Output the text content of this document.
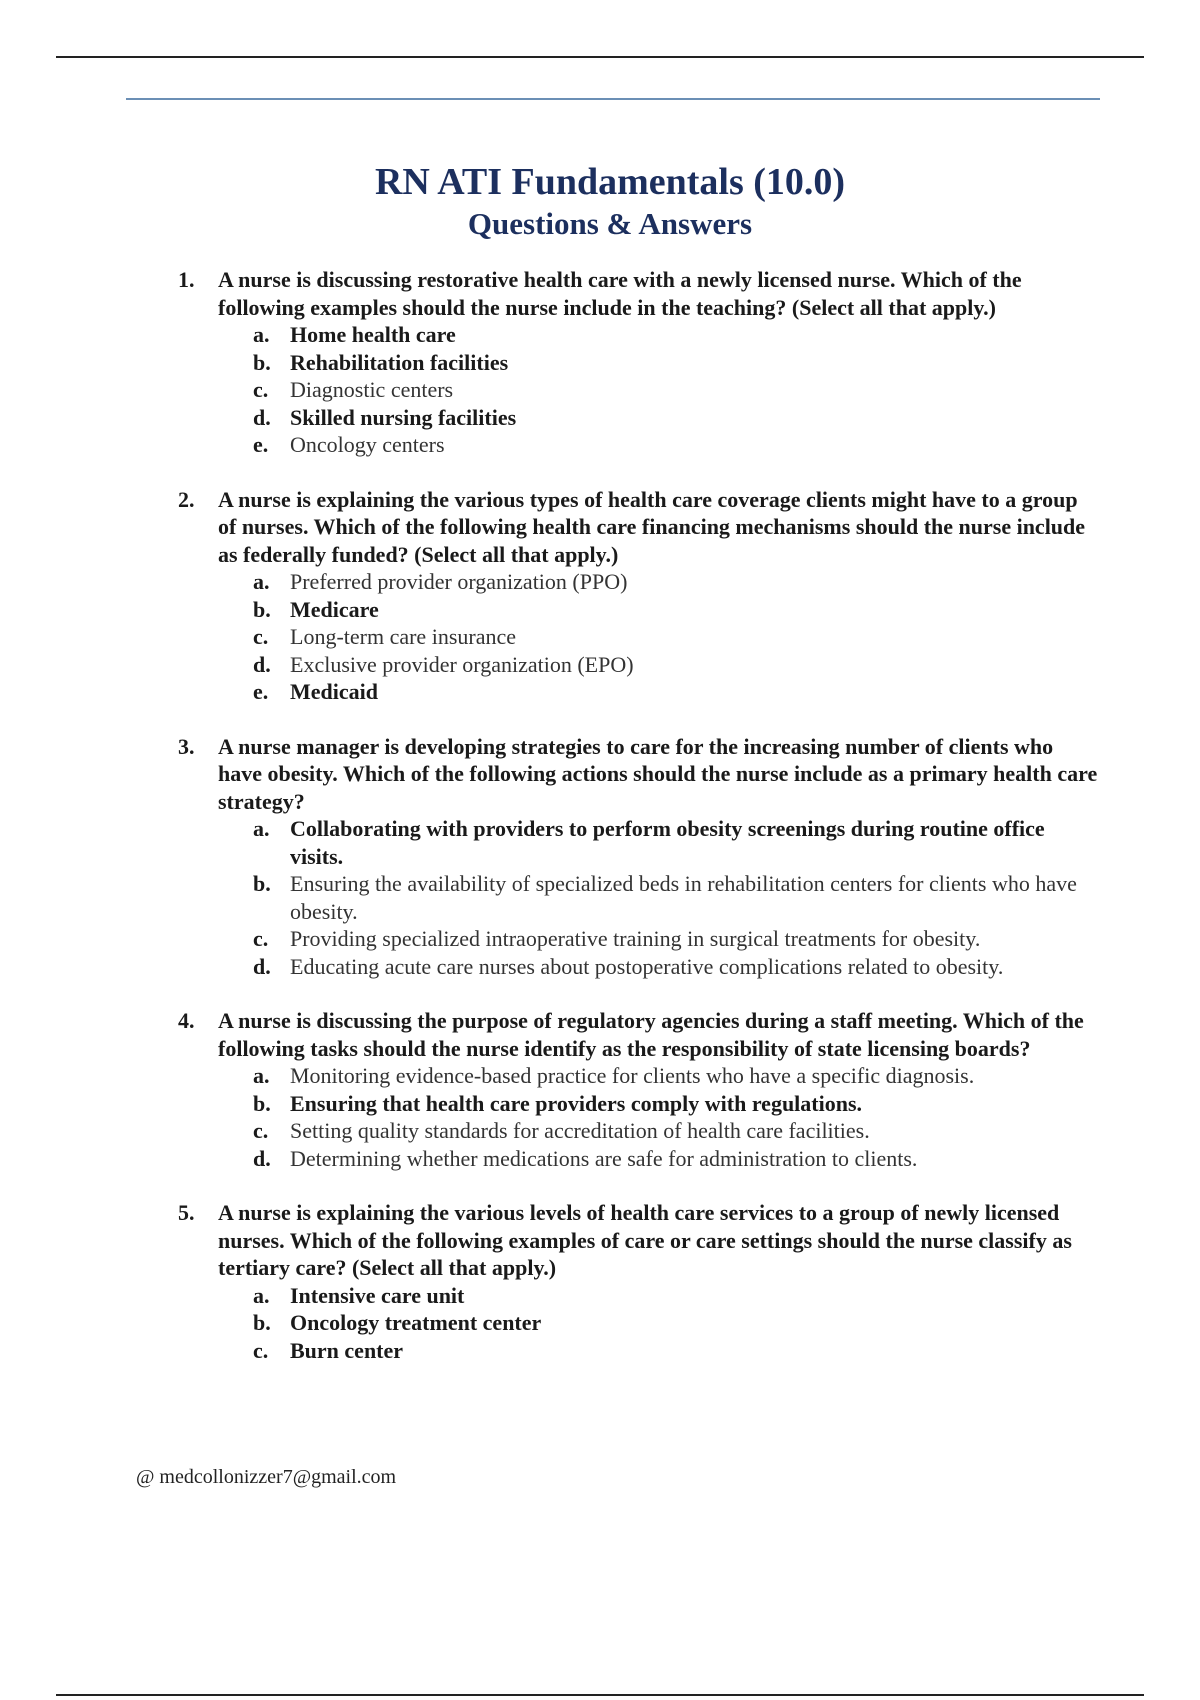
RN ATI Fundamentals (10.0)
Questions & Answers
1. A nurse is discussing restorative health care with a newly licensed nurse. Which of the following examples should the nurse include in the teaching? (Select all that apply.)
a. Home health care
b. Rehabilitation facilities
c. Diagnostic centers
d. Skilled nursing facilities
e. Oncology centers
2. A nurse is explaining the various types of health care coverage clients might have to a group of nurses. Which of the following health care financing mechanisms should the nurse include as federally funded? (Select all that apply.)
a. Preferred provider organization (PPO)
b. Medicare
c. Long-term care insurance
d. Exclusive provider organization (EPO)
e. Medicaid
3. A nurse manager is developing strategies to care for the increasing number of clients who have obesity. Which of the following actions should the nurse include as a primary health care strategy?
a. Collaborating with providers to perform obesity screenings during routine office visits.
b. Ensuring the availability of specialized beds in rehabilitation centers for clients who have obesity.
c. Providing specialized intraoperative training in surgical treatments for obesity.
d. Educating acute care nurses about postoperative complications related to obesity.
4. A nurse is discussing the purpose of regulatory agencies during a staff meeting. Which of the following tasks should the nurse identify as the responsibility of state licensing boards?
a. Monitoring evidence-based practice for clients who have a specific diagnosis.
b. Ensuring that health care providers comply with regulations.
c. Setting quality standards for accreditation of health care facilities.
d. Determining whether medications are safe for administration to clients.
5. A nurse is explaining the various levels of health care services to a group of newly licensed nurses. Which of the following examples of care or care settings should the nurse classify as tertiary care? (Select all that apply.)
a. Intensive care unit
b. Oncology treatment center
c. Burn center
@ medcollonizzer7@gmail.com
